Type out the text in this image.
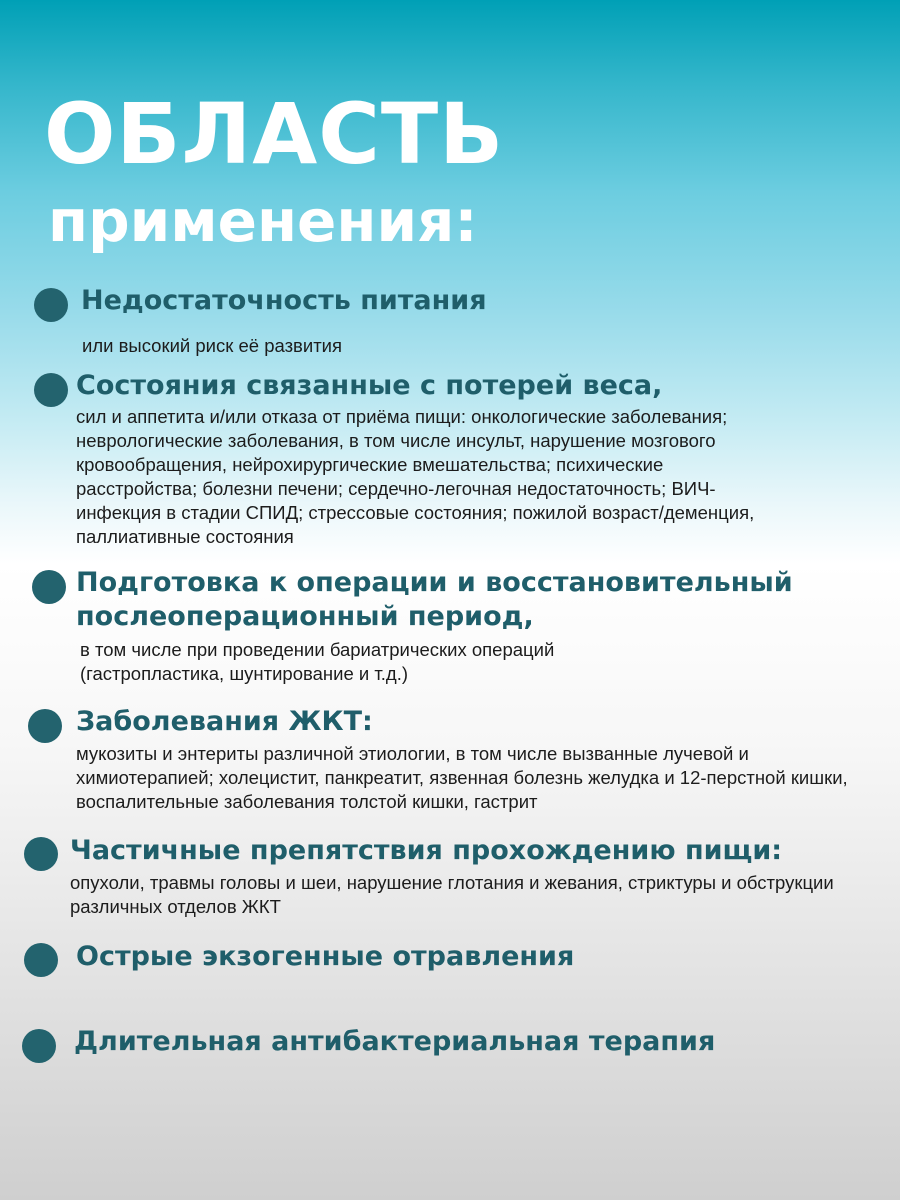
ОБЛАСТЬ
применения:
Недостаточность питания
или высокий риск её развития
Состояния связанные с потерей веса,
сил и аппетита и/или отказа от приёма пищи: онкологические заболевания; неврологические заболевания, в том числе инсульт, нарушение мозгового кровообращения, нейрохирургические вмешательства; психические расстройства; болезни печени; сердечно-легочная недостаточность; ВИЧ-инфекция в стадии СПИД; стрессовые состояния; пожилой возраст/деменция, паллиативные состояния
Подготовка к операции и восстановительный послеоперационный период,
в том числе при проведении бариатрических операций (гастропластика, шунтирование и т.д.)
Заболевания ЖКТ:
мукозиты и энтериты различной этиологии, в том числе вызванные лучевой и химиотерапией; холецистит, панкреатит, язвенная болезнь желудка и 12-перстной кишки, воспалительные заболевания толстой кишки, гастрит
Частичные препятствия прохождению пищи:
опухоли, травмы головы и шеи, нарушение глотания и жевания, стриктуры и обструкции различных отделов ЖКТ
Острые экзогенные отравления
Длительная антибактериальная терапия
